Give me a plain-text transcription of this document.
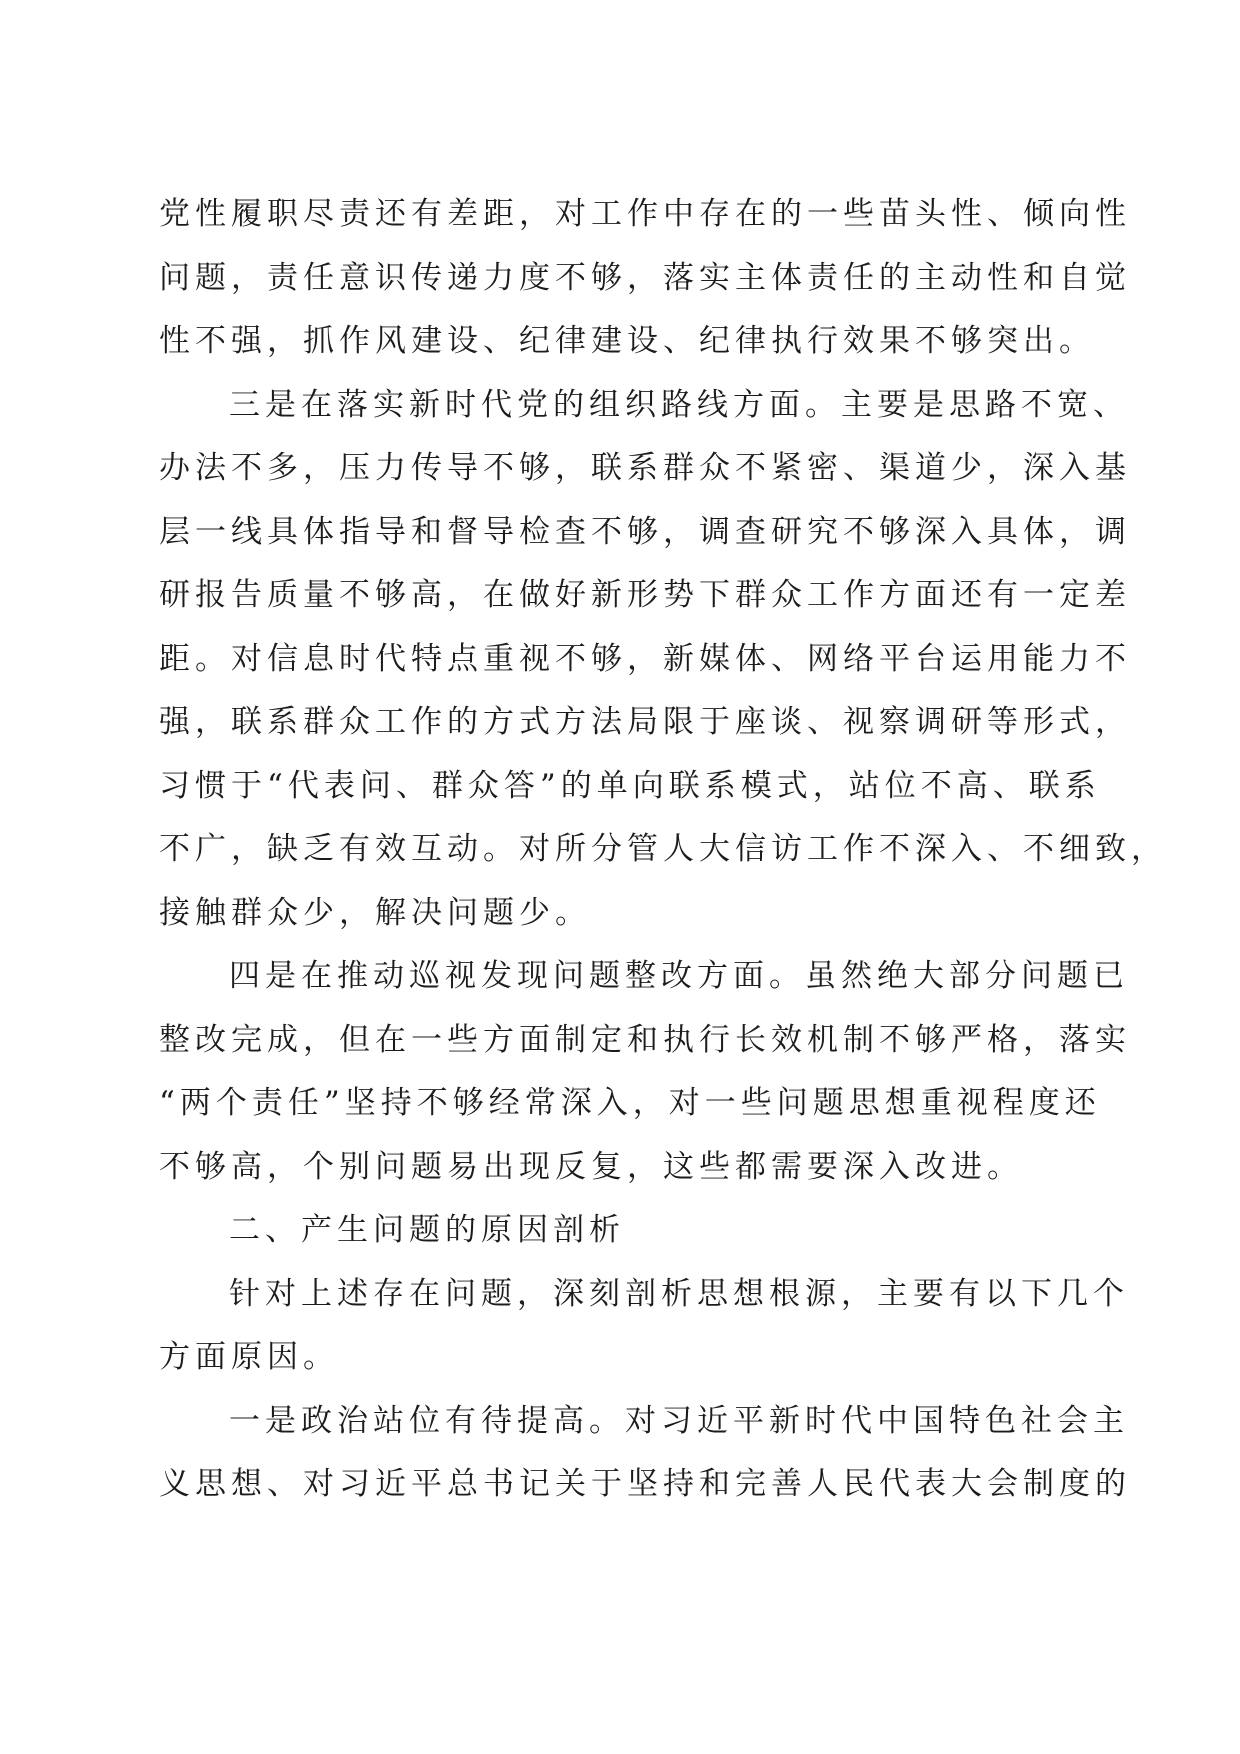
党性履职尽责还有差距，对工作中存在的一些苗头性、倾向性
问题，责任意识传递力度不够，落实主体责任的主动性和自觉
性不强，抓作风建设、纪律建设、纪律执行效果不够突出。
三是在落实新时代党的组织路线方面。主要是思路不宽、
办法不多，压力传导不够，联系群众不紧密、渠道少，深入基
层一线具体指导和督导检查不够，调查研究不够深入具体，调
研报告质量不够高，在做好新形势下群众工作方面还有一定差
距。对信息时代特点重视不够，新媒体、网络平台运用能力不
强，联系群众工作的方式方法局限于座谈、视察调研等形式，
习惯于“代表问、群众答”的单向联系模式，站位不高、联系
不广，缺乏有效互动。对所分管人大信访工作不深入、不细致，
接触群众少，解决问题少。
四是在推动巡视发现问题整改方面。虽然绝大部分问题已
整改完成，但在一些方面制定和执行长效机制不够严格，落实
“两个责任”坚持不够经常深入，对一些问题思想重视程度还
不够高，个别问题易出现反复，这些都需要深入改进。
二、产生问题的原因剖析
针对上述存在问题，深刻剖析思想根源，主要有以下几个
方面原因。
一是政治站位有待提高。对习近平新时代中国特色社会主
义思想、对习近平总书记关于坚持和完善人民代表大会制度的
